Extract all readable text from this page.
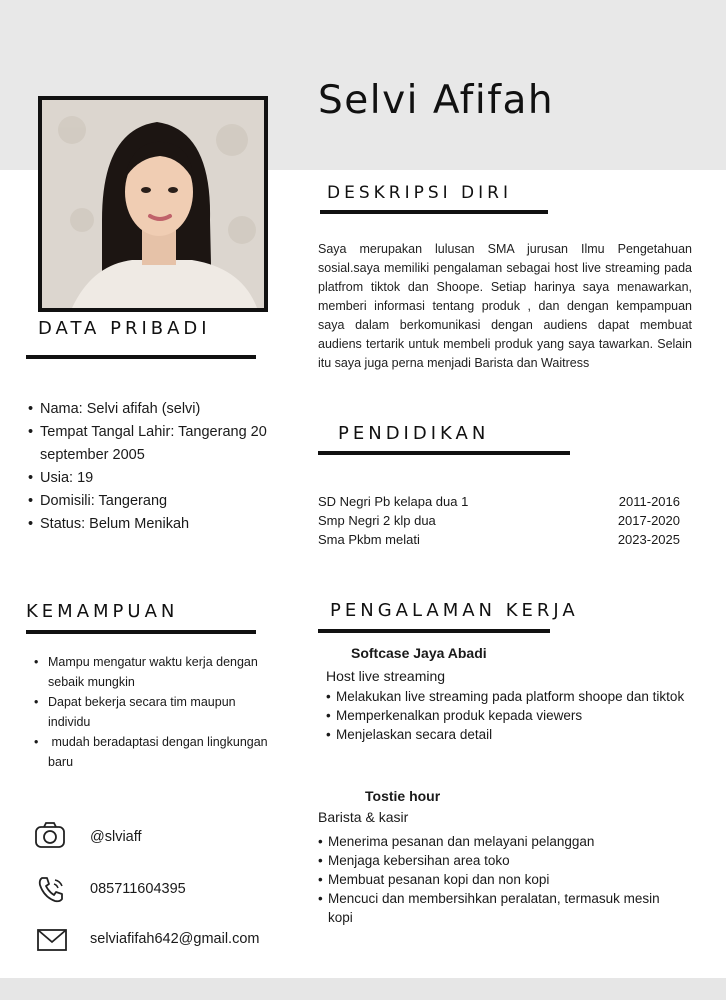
Selvi Afifah
DESKRIPSI DIRI
Saya merupakan lulusan SMA jurusan Ilmu Pengetahuan sosial.saya memiliki pengalaman sebagai host live streaming pada platfrom tiktok dan Shoope. Setiap harinya saya menawarkan, memberi informasi tentang produk , dan dengan kempampuan saya dalam berkomunikasi dengan audiens dapat membuat audiens tertarik untuk membeli produk yang saya tawarkan. Selain itu saya juga perna menjadi Barista dan Waitress
DATA PRIBADI
• Nama: Selvi afifah (selvi)
• Tempat Tangal Lahir: Tangerang 20 september 2005
• Usia: 19
• Domisili: Tangerang
• Status: Belum Menikah
PENDIDIKAN
SD Negri Pb kelapa dua 1	2011-2016
Smp Negri 2 klp dua	2017-2020
Sma Pkbm melati	2023-2025
KEMAMPUAN
• Mampu mengatur waktu kerja dengan sebaik mungkin
• Dapat bekerja secara tim maupun individu
• mudah beradaptasi dengan lingkungan baru
PENGALAMAN KERJA
Softcase Jaya Abadi
Host live streaming
• Melakukan live streaming pada platform shoope dan tiktok
• Memperkenalkan produk kepada viewers
• Menjelaskan secara detail
Tostie hour
Barista & kasir
• Menerima pesanan dan melayani pelanggan
• Menjaga kebersihan area toko
• Membuat pesanan kopi dan non kopi
• Mencuci dan membersihkan peralatan, termasuk mesin kopi
@slviaff
085711604395
selviafifah642@gmail.com
